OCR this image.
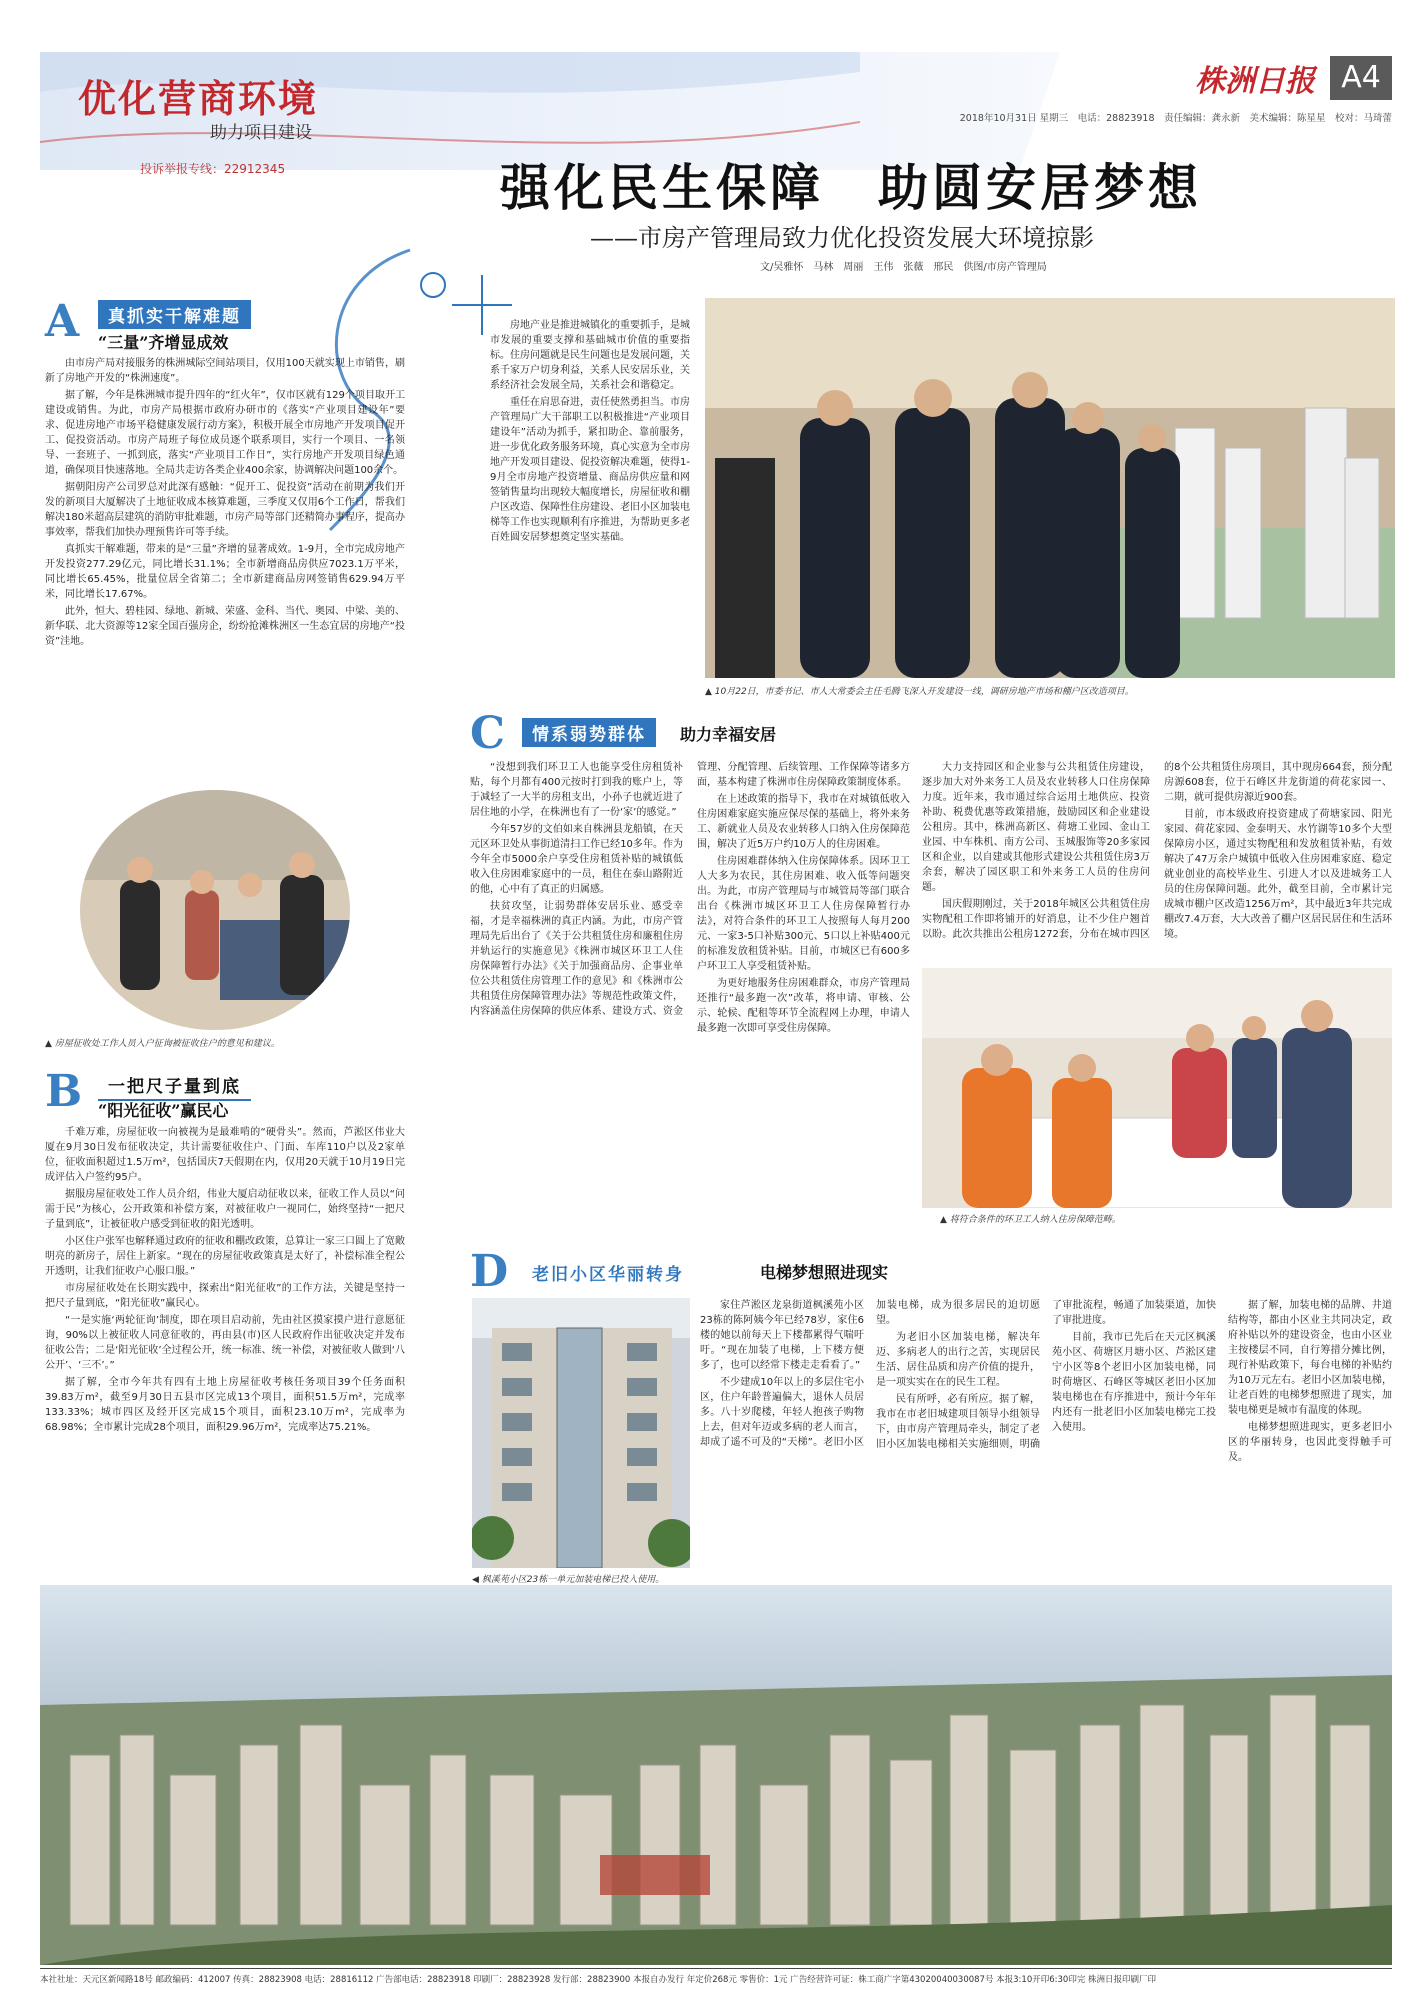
优化营商环境
助力项目建设
投诉举报专线：22912345
株洲日报 A4
2018年10月31日 星期三　电话：28823918　责任编辑：龚永新　美术编辑：陈星星　校对：马琦蕾
强化民生保障　助圆安居梦想
——市房产管理局致力优化投资发展大环境掠影
文/吴雅怀　马林　周丽　王伟　张薇　邢民　供图/市房产管理局

房地产业是推进城镇化的重要抓手，是城市发展的重要支撑和基础城市价值的重要指标。住房问题就是民生问题也是发展问题，关系千家万户切身利益，关系人民安居乐业，关系经济社会发展全局，关系社会和谐稳定。

重任在肩思奋进，责任使然勇担当。市房产管理局广大干部职工以积极推进“产业项目建设年”活动为抓手，紧扣助企、靠前服务，进一步优化政务服务环境，真心实意为全市房地产开发项目建设、促投资解决难题，使得1-9月全市房地产投资增量、商品房供应量和网签销售量均出现较大幅度增长，房屋征收和棚户区改造、保障性住房建设、老旧小区加装电梯等工作也实现顺利有序推进，为帮助更多老百姓圆安居梦想奠定坚实基础。

▲ 10月22日，市委书记、市人大常委会主任毛腾飞深入开发建设一线，调研房地产市场和棚户区改造项目。
A	真抓实干解难题
“三量”齐增显成效

由市房产局对接服务的株洲城际空间站项目，仅用100天就实现上市销售，刷新了房地产开发的“株洲速度”。

据了解，今年是株洲城市提升四年的“红火年”，仅市区就有129个项目取开工建设或销售。为此，市房产局根据市政府办研市的《落实“产业项目建设年”要求、促进房地产市场平稳健康发展行动方案》，积极开展全市房地产开发项目促开工、促投资活动。市房产局班子每位成员逐个联系项目，实行一个项目、一名领导、一套班子、一抓到底，落实“产业项目工作日”，实行房地产开发项目绿色通道，确保项目快速落地。全局共走访各类企业400余家，协调解决问题100余个。

据朝阳房产公司罗总对此深有感触：“促开工、促投资”活动在前期为我们开发的新项目大厦解决了土地征收成本核算难题，三季度又仅用6个工作日，帮我们解决180米超高层建筑的消防审批难题，市房产局等部门还精简办事程序，提高办事效率，帮我们加快办理预售许可等手续。

真抓实干解难题，带来的是“三量”齐增的显著成效。1-9月，全市完成房地产开发投资277.29亿元，同比增长31.1%；全市新增商品房供应7023.1万平米，同比增长65.45%，批量位居全省第二；全市新建商品房网签销售629.94万平米，同比增长17.67%。

此外，恒大、碧桂园、绿地、新城、荣盛、金科、当代、奥园、中梁、美的、新华联、北大资源等12家全国百强房企，纷纷抢滩株洲区一生态宜居的房地产“投资”洼地。

▲ 房屋征收处工作人员入户征询被征收住户的意见和建议。
B	一把尺子量到底
“阳光征收”赢民心

千难万难，房屋征收一向被视为是最难啃的“硬骨头”。然而，芦淞区伟业大厦在9月30日发布征收决定，共计需要征收住户、门面、车库110户以及2家单位，征收面积超过1.5万m²，包括国庆7天假期在内，仅用20天就于10月19日完成评估入户签约95户。

据服房屋征收处工作人员介绍，伟业大厦启动征收以来，征收工作人员以“问需于民”为核心，公开政策和补偿方案，对被征收户一视同仁，始终坚持“一把尺子量到底”，让被征收户感受到征收的阳光透明。

小区住户张军也解释通过政府的征收和棚改政策，总算让一家三口圆上了宽敞明亮的新房子，居住上新家。“现在的房屋征收政策真是太好了，补偿标准全程公开透明，让我们征收户心服口服。”

市房屋征收处在长期实践中，探索出“阳光征收”的工作方法，关键是坚持一把尺子量到底，“阳光征收”赢民心。

“一是实施‘两轮征询’制度，即在项目启动前，先由社区摸家摸户进行意愿征询，90%以上被征收人同意征收的，再由县(市)区人民政府作出征收决定并发布征收公告；二是‘阳光征收’全过程公开，统一标准、统一补偿，对被征收人做到‘八公开’、‘三不’。”

据了解，全市今年共有四有土地上房屋征收考核任务项目39个任务面积39.83万m²，截至9月30日五县市区完成13个项目，面积51.5万m²，完成率133.33%；城市四区及经开区完成15个项目，面积23.10万m²，完成率为68.98%；全市累计完成28个项目，面积29.96万m²，完成率达75.21%。

C	情系弱势群体	助力幸福安居

“没想到我们环卫工人也能享受住房租赁补贴，每个月都有400元按时打到我的账户上，等于减轻了一大半的房租支出，小孙子也就近进了居住地的小学，在株洲也有了一份‘家’的感觉。”

今年57岁的文伯如来自株洲县龙船镇，在天元区环卫处从事街道清扫工作已经10多年。作为今年全市5000余户享受住房租赁补贴的城镇低收入住房困难家庭中的一员，租住在泰山路附近的他，心中有了真正的归属感。

扶贫攻坚，让弱势群体安居乐业、感受幸福，才是幸福株洲的真正内涵。为此，市房产管理局先后出台了《关于公共租赁住房和廉租住房并轨运行的实施意见》《株洲市城区环卫工人住房保障暂行办法》《关于加强商品房、企事业单位公共租赁住房管理工作的意见》和《株洲市公共租赁住房保障管理办法》等规范性政策文件，内容涵盖住房保障的供应体系、建设方式、资金管理、分配管理、后续管理、工作保障等诸多方面，基本构建了株洲市住房保障政策制度体系。

在上述政策的指导下，我市在对城镇低收入住房困难家庭实施应保尽保的基础上，将外来务工、新就业人员及农业转移人口纳入住房保障范围，解决了近5万户约10万人的住房困难。

住房困难群体纳入住房保障体系。因环卫工人大多为农民，其住房困难、收入低等问题突出。为此，市房产管理局与市城管局等部门联合出台《株洲市城区环卫工人住房保障暂行办法》，对符合条件的环卫工人按照每人每月200元、一家3-5口补贴300元、5口以上补贴400元的标准发放租赁补贴。目前，市城区已有600多户环卫工人享受租赁补贴。

为更好地服务住房困难群众，市房产管理局还推行“最多跑一次”改革，将申请、审核、公示、轮候、配租等环节全流程网上办理，申请人最多跑一次即可享受住房保障。

大力支持园区和企业参与公共租赁住房建设，逐步加大对外来务工人员及农业转移人口住房保障力度。近年来，我市通过综合运用土地供应、投资补助、税费优惠等政策措施，鼓励园区和企业建设公租房。其中，株洲高新区、荷塘工业园、金山工业园、中车株机、南方公司、玉城服饰等20多家园区和企业，以自建或其他形式建设公共租赁住房3万余套，解决了园区职工和外来务工人员的住房问题。

国庆假期刚过，关于2018年城区公共租赁住房实物配租工作即将铺开的好消息，让不少住户翘首以盼。此次共推出公租房1272套，分布在城市四区的8个公共租赁住房项目，其中现房664套，预分配房源608套，位于石峰区井龙街道的荷花家园一、二期，就可提供房源近900套。

目前，市本级政府投资建成了荷塘家园、阳光家园、荷花家园、金泰明天、水竹湖等10多个大型保障房小区，通过实物配租和发放租赁补贴，有效解决了47万余户城镇中低收入住房困难家庭、稳定就业创业的高校毕业生、引进人才以及进城务工人员的住房保障问题。此外，截至目前，全市累计完成城市棚户区改造1256万m²，其中最近3年共完成棚改7.4万套，大大改善了棚户区居民居住和生活环境。

▲ 将符合条件的环卫工人纳入住房保障范畴。
D	老旧小区华丽转身	电梯梦想照进现实
◀ 枫溪苑小区23栋一单元加装电梯已投入使用。

家住芦淞区龙泉街道枫溪苑小区23栋的陈阿姨今年已经78岁，家住6楼的她以前每天上下楼都累得气喘吁吁。“现在加装了电梯，上下楼方便多了，也可以经常下楼走走看看了。”

不少建成10年以上的多层住宅小区，住户年龄普遍偏大，退休人员居多。八十岁爬楼，年轻人抱孩子购物上去，但对年迈或多病的老人而言，却成了遥不可及的“天梯”。老旧小区加装电梯，成为很多居民的迫切愿望。

为老旧小区加装电梯，解决年迈、多病老人的出行之苦，实现居民生活、居住品质和房产价值的提升，是一项实实在在的民生工程。

民有所呼，必有所应。据了解，我市在市老旧城建项目领导小组领导下，由市房产管理局牵头，制定了老旧小区加装电梯相关实施细则，明确了审批流程，畅通了加装渠道，加快了审批进度。

目前，我市已先后在天元区枫溪苑小区、荷塘区月塘小区、芦淞区建宁小区等8个老旧小区加装电梯，同时荷塘区、石峰区等城区老旧小区加装电梯也在有序推进中，预计今年年内还有一批老旧小区加装电梯完工投入使用。

据了解，加装电梯的品牌、井道结构等，都由小区业主共同决定，政府补贴以外的建设资金，也由小区业主按楼层不同，自行筹措分摊比例，现行补贴政策下，每台电梯的补贴约为10万元左右。老旧小区加装电梯，让老百姓的电梯梦想照进了现实，加装电梯更是城市有温度的体现。

电梯梦想照进现实，更多老旧小区的华丽转身，也因此变得触手可及。

本社社址：天元区新闻路18号 邮政编码：412007 传真：28823908 电话：28816112 广告部电话：28823918 印刷厂：28823928 发行部：28823900 本报自办发行 年定价268元 零售价：1元 广告经营许可证：株工商广字第43020040030087号 本报3:10开印6:30印完 株洲日报印刷厂印
